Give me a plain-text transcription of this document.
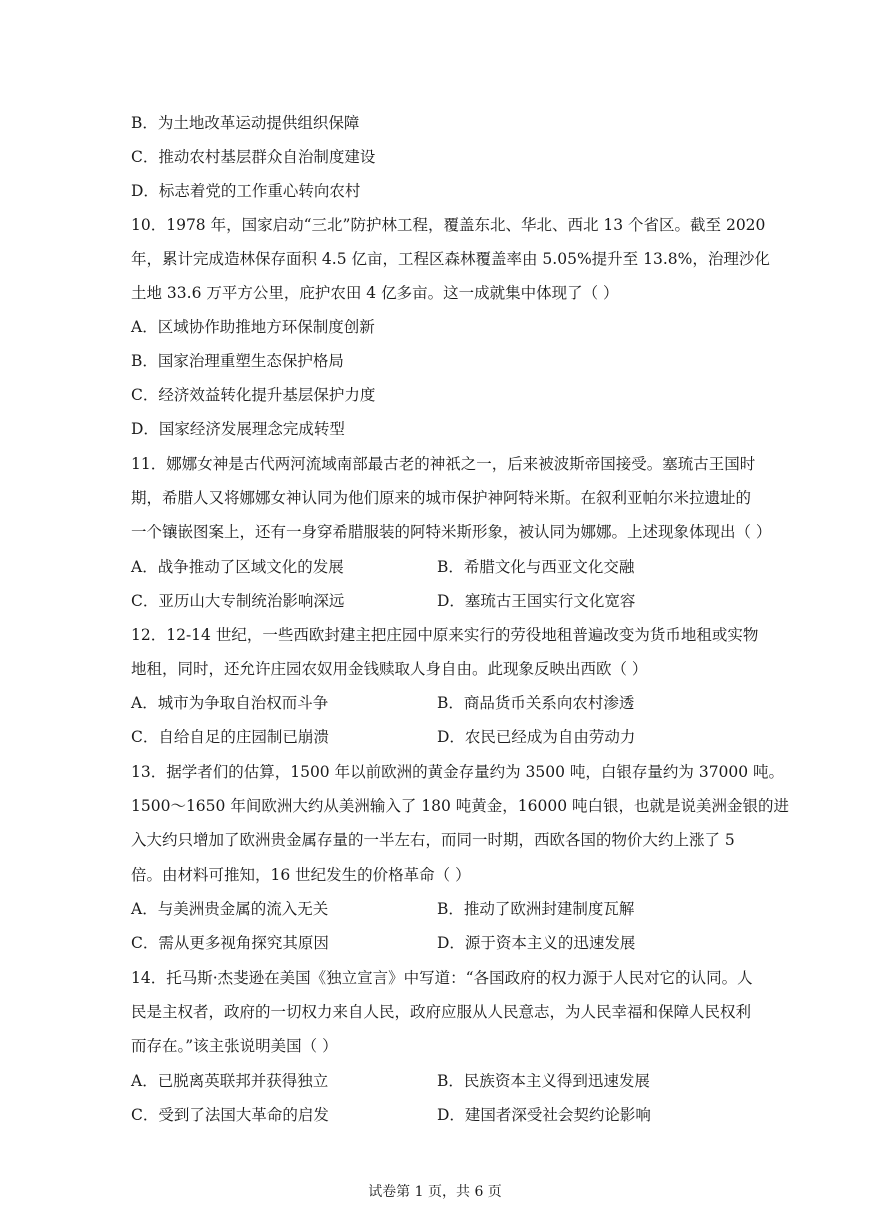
B．为土地改革运动提供组织保障
C．推动农村基层群众自治制度建设
D．标志着党的工作重心转向农村
10．1978 年，国家启动“三北”防护林工程，覆盖东北、华北、西北 13 个省区。截至 2020
年，累计完成造林保存面积 4.5 亿亩，工程区森林覆盖率由 5.05%提升至 13.8%，治理沙化
土地 33.6 万平方公里，庇护农田 4 亿多亩。这一成就集中体现了（ ）
A．区域协作助推地方环保制度创新
B．国家治理重塑生态保护格局
C．经济效益转化提升基层保护力度
D．国家经济发展理念完成转型
11．娜娜女神是古代两河流域南部最古老的神祇之一，后来被波斯帝国接受。塞琉古王国时
期，希腊人又将娜娜女神认同为他们原来的城市保护神阿特米斯。在叙利亚帕尔米拉遗址的
一个镶嵌图案上，还有一身穿希腊服装的阿特米斯形象，被认同为娜娜。上述现象体现出（ ）
A．战争推动了区域文化的发展	B．希腊文化与西亚文化交融
C．亚历山大专制统治影响深远	D．塞琉古王国实行文化宽容
12．12-14 世纪，一些西欧封建主把庄园中原来实行的劳役地租普遍改变为货币地租或实物
地租，同时，还允许庄园农奴用金钱赎取人身自由。此现象反映出西欧（ ）
A．城市为争取自治权而斗争	B．商品货币关系向农村渗透
C．自给自足的庄园制已崩溃	D．农民已经成为自由劳动力
13．据学者们的估算，1500 年以前欧洲的黄金存量约为 3500 吨，白银存量约为 37000 吨。
1500～1650 年间欧洲大约从美洲输入了 180 吨黄金，16000 吨白银，也就是说美洲金银的进
入大约只增加了欧洲贵金属存量的一半左右，而同一时期，西欧各国的物价大约上涨了 5
倍。由材料可推知，16 世纪发生的价格革命（ ）
A．与美洲贵金属的流入无关	B．推动了欧洲封建制度瓦解
C．需从更多视角探究其原因	D．源于资本主义的迅速发展
14．托马斯·杰斐逊在美国《独立宣言》中写道：“各国政府的权力源于人民对它的认同。人
民是主权者，政府的一切权力来自人民，政府应服从人民意志，为人民幸福和保障人民权利
而存在。”该主张说明美国（ ）
A．已脱离英联邦并获得独立	B．民族资本主义得到迅速发展
C．受到了法国大革命的启发	D．建国者深受社会契约论影响
试卷第 1 页，共 6 页
